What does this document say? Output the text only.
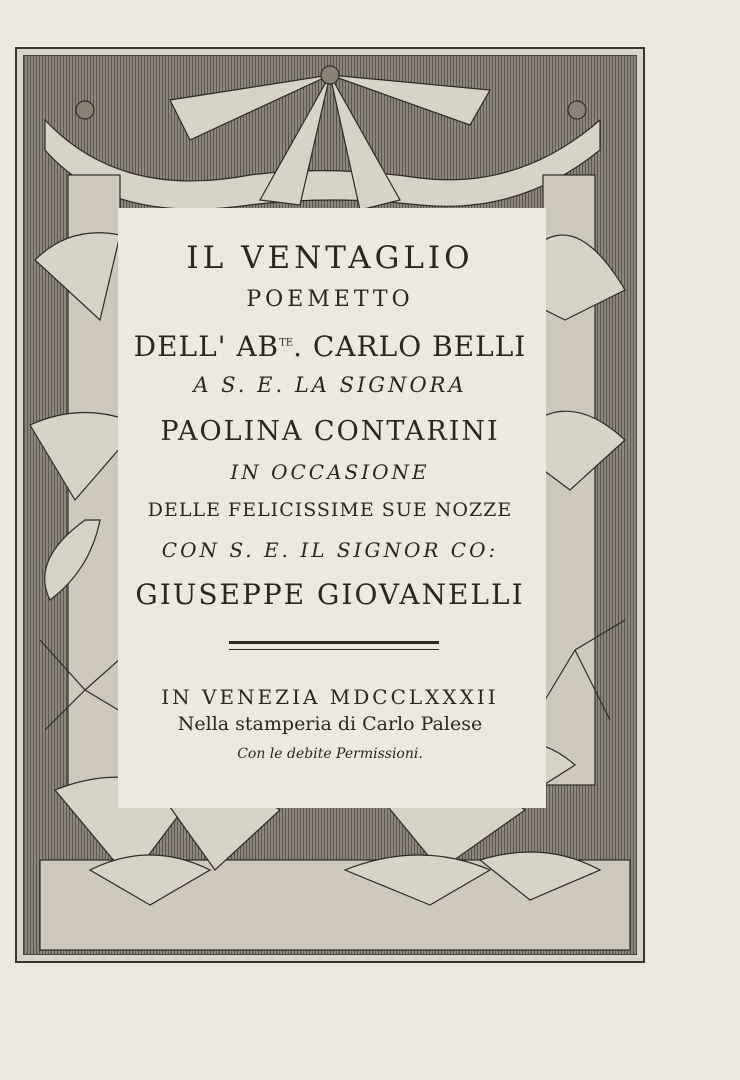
IL VENTAGLIO
POEMETTO
DELL' $AB^{TE}$. CARLO BELLI
A S. E. LA SIGNORA
PAOLINA CONTARINI
IN OCCASIONE
DELLE FELICISSIME SUE NOZZE
CON S. E. IL SIGNOR CO:
GIUSEPPE GIOVANELLI
IN VENEZIA MDCCLXXXII
Nella stamperia di Carlo Palese
Con le debite Permissioni.
